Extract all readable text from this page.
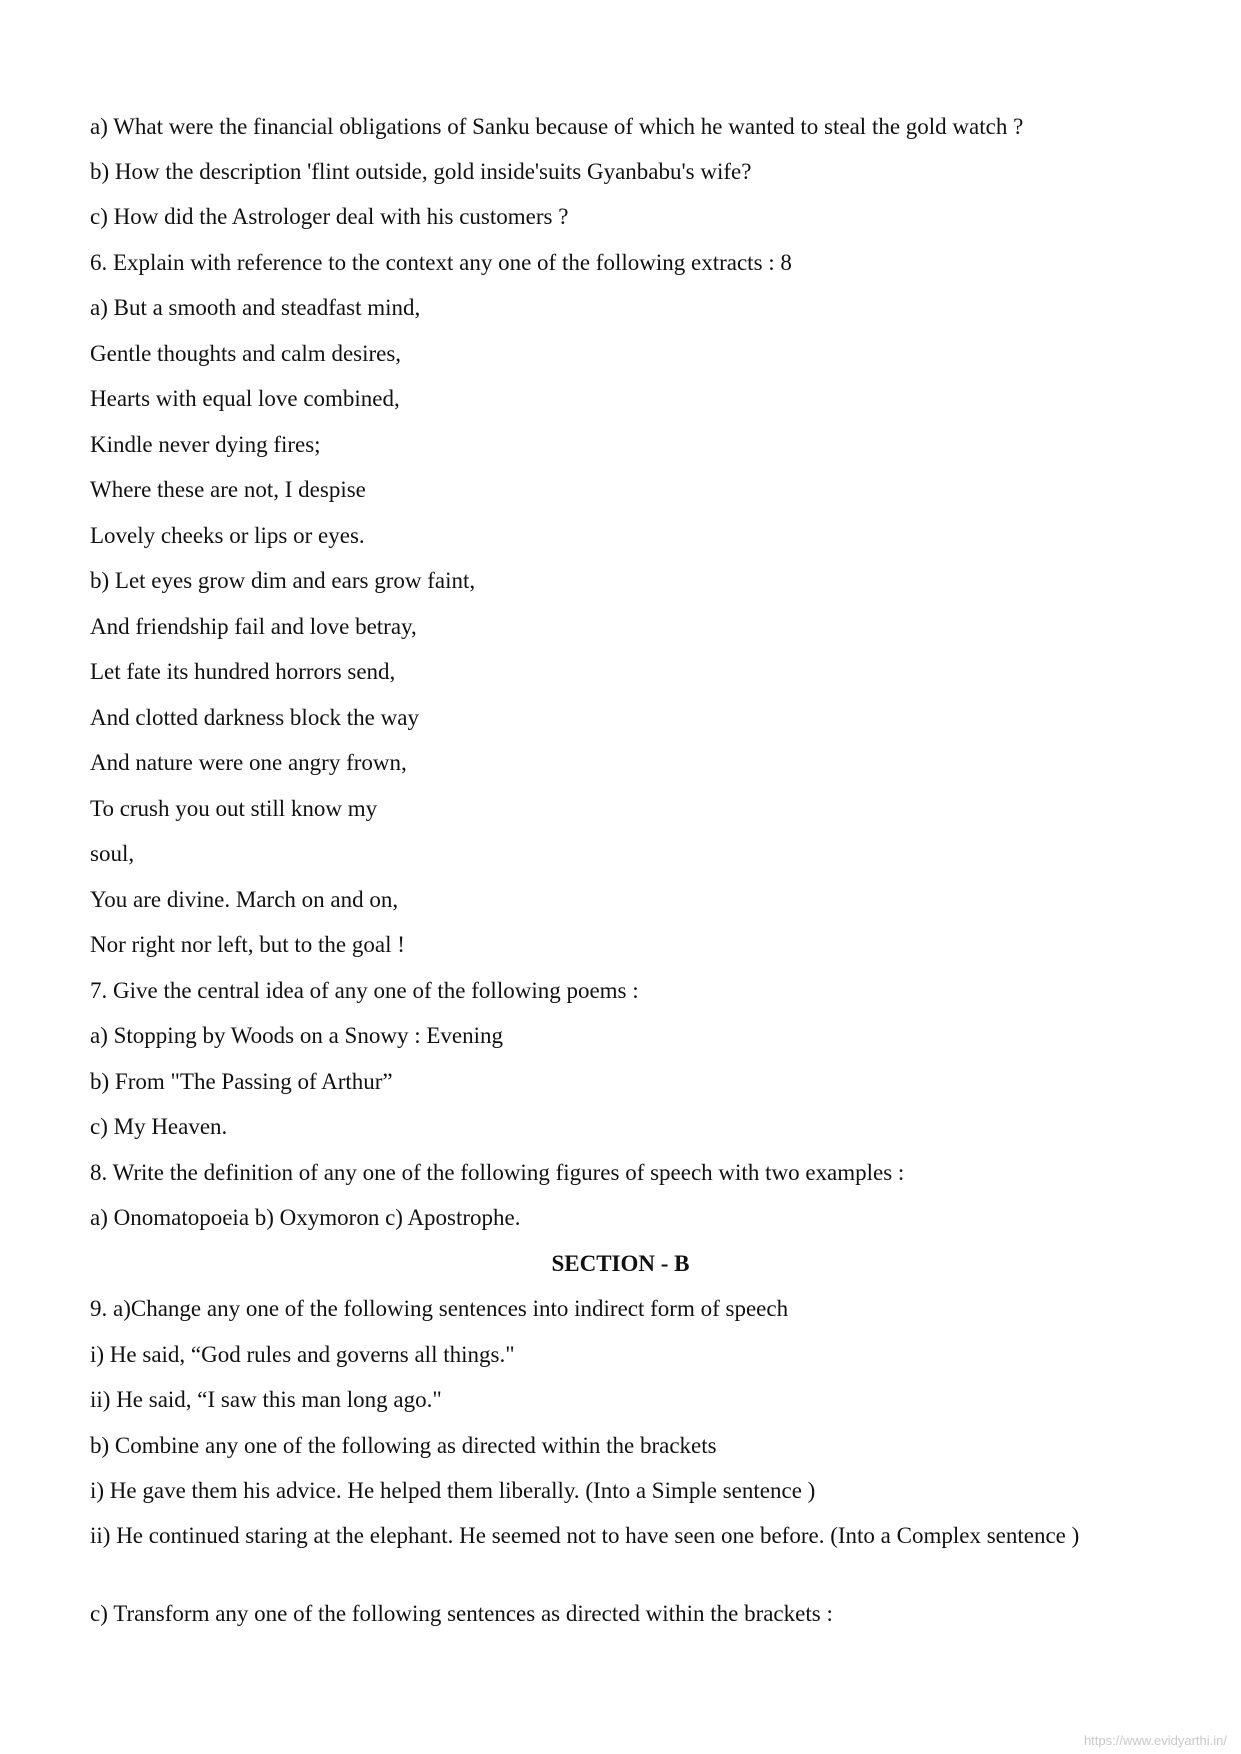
a) What were the financial obligations of Sanku because of which he wanted to steal the gold watch ?
b) How the description 'flint outside, gold inside'suits Gyanbabu's wife?
c) How did the Astrologer deal with his customers ?
6. Explain with reference to the context any one of the following extracts : 8
a) But a smooth and steadfast mind,
Gentle thoughts and calm desires,
Hearts with equal love combined,
Kindle never dying fires;
Where these are not, I despise
Lovely cheeks or lips or eyes.
b) Let eyes grow dim and ears grow faint,
And friendship fail and love betray,
Let fate its hundred horrors send,
And clotted darkness block the way
And nature were one angry frown,
To crush you out still know my
soul,
You are divine. March on and on,
Nor right nor left, but to the goal !
7. Give the central idea of any one of the following poems :
a) Stopping by Woods on a Snowy : Evening
b) From "The Passing of Arthur”
c) My Heaven.
8. Write the definition of any one of the following figures of speech with two examples :
a) Onomatopoeia b) Oxymoron c) Apostrophe.
SECTION - B
9. a)Change any one of the following sentences into indirect form of speech
i) He said, “God rules and governs all things."
ii) He said, “I saw this man long ago."
b) Combine any one of the following as directed within the brackets
i) He gave them his advice. He helped them liberally. (Into a Simple sentence )
ii) He continued staring at the elephant. He seemed not to have seen one before. (Into a Complex sentence )
c) Transform any one of the following sentences as directed within the brackets :
https://www.evidyarthi.in/
